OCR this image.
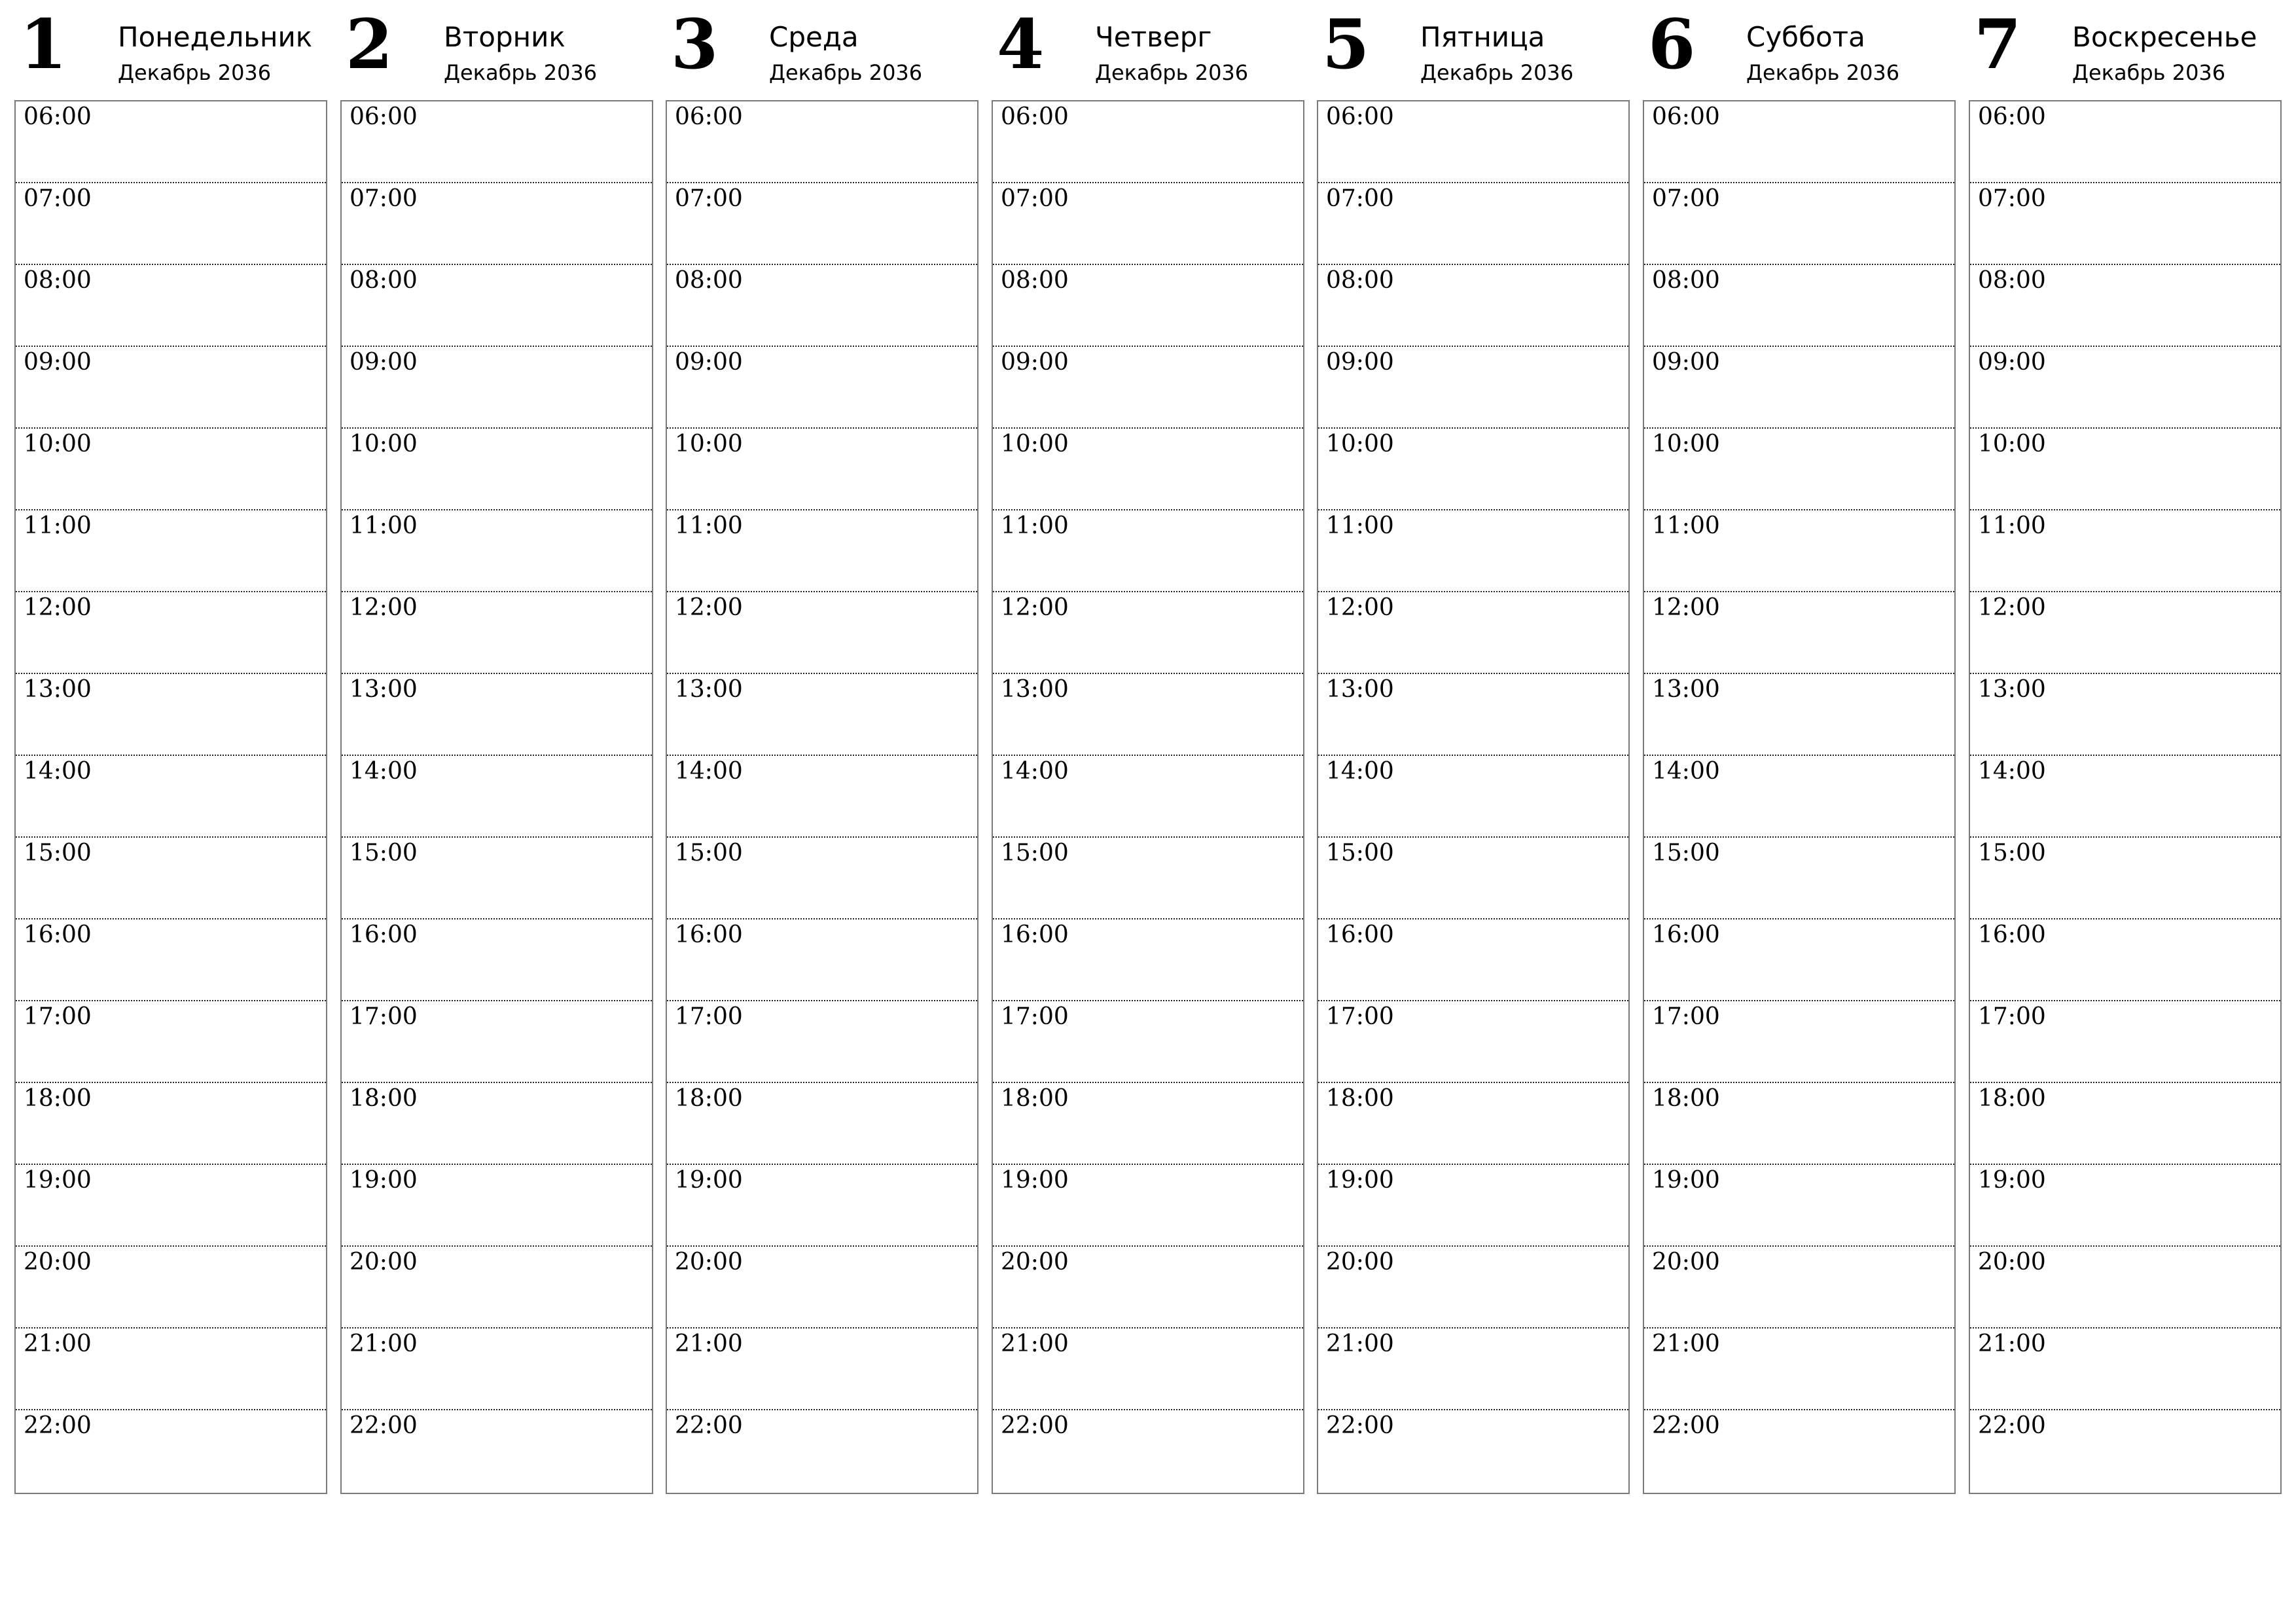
1 Понедельник
Декабрь 2036
06:00
07:00
08:00
09:00
10:00
11:00
12:00
13:00
14:00
15:00
16:00
17:00
18:00
19:00
20:00
21:00
22:00
2 Вторник
Декабрь 2036
06:00
07:00
08:00
09:00
10:00
11:00
12:00
13:00
14:00
15:00
16:00
17:00
18:00
19:00
20:00
21:00
22:00
3 Среда
Декабрь 2036
06:00
07:00
08:00
09:00
10:00
11:00
12:00
13:00
14:00
15:00
16:00
17:00
18:00
19:00
20:00
21:00
22:00
4 Четверг
Декабрь 2036
06:00
07:00
08:00
09:00
10:00
11:00
12:00
13:00
14:00
15:00
16:00
17:00
18:00
19:00
20:00
21:00
22:00
5 Пятница
Декабрь 2036
06:00
07:00
08:00
09:00
10:00
11:00
12:00
13:00
14:00
15:00
16:00
17:00
18:00
19:00
20:00
21:00
22:00
6 Суббота
Декабрь 2036
06:00
07:00
08:00
09:00
10:00
11:00
12:00
13:00
14:00
15:00
16:00
17:00
18:00
19:00
20:00
21:00
22:00
7 Воскресенье
Декабрь 2036
06:00
07:00
08:00
09:00
10:00
11:00
12:00
13:00
14:00
15:00
16:00
17:00
18:00
19:00
20:00
21:00
22:00
